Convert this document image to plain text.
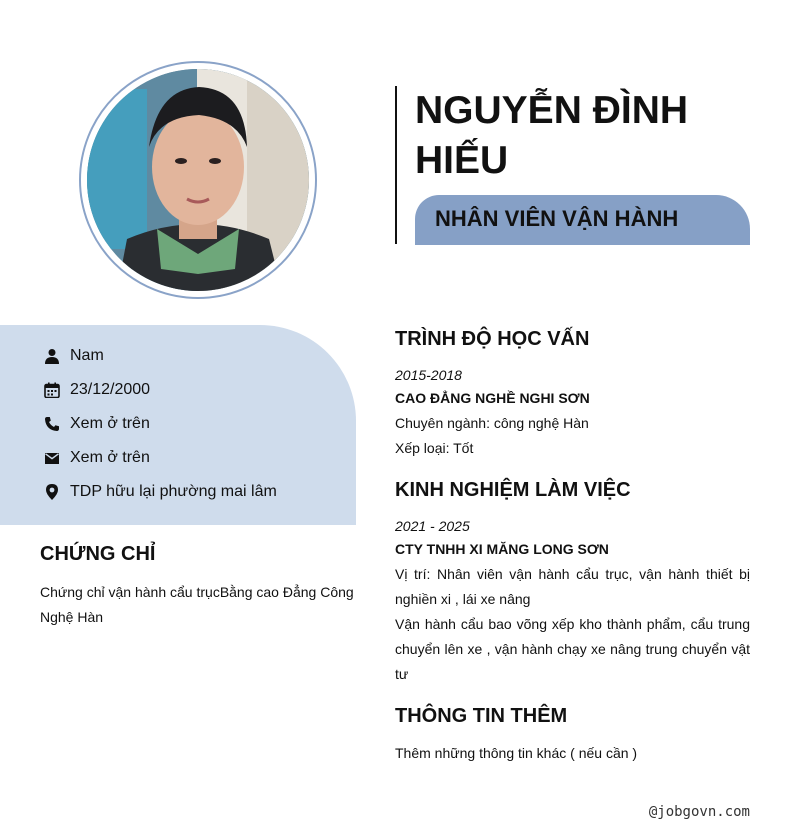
NGUYỄN ĐÌNH HIẾU
NHÂN VIÊN VẬN HÀNH
Nam
23/12/2000
Xem ở trên
Xem ở trên
TDP hữu lại phường mai lâm
CHỨNG CHỈ
Chứng chỉ vận hành cẩu trụcBằng cao Đẳng Công Nghệ Hàn
TRÌNH ĐỘ HỌC VẤN
2015-2018
CAO ĐẲNG NGHỀ NGHI SƠN
Chuyên ngành: công nghệ Hàn
Xếp loại: Tốt
KINH NGHIỆM LÀM VIỆC
2021 - 2025
CTY TNHH XI MĂNG LONG SƠN
Vị trí: Nhân viên vận hành cẩu trục, vận hành thiết bị nghiền xi , lái xe nâng
Vận hành cẩu bao võng xếp kho thành phẩm, cẩu trung chuyển lên xe , vận hành chạy xe nâng trung chuyển vật tư
THÔNG TIN THÊM
Thêm những thông tin khác ( nếu cần )
@jobgovn.com
